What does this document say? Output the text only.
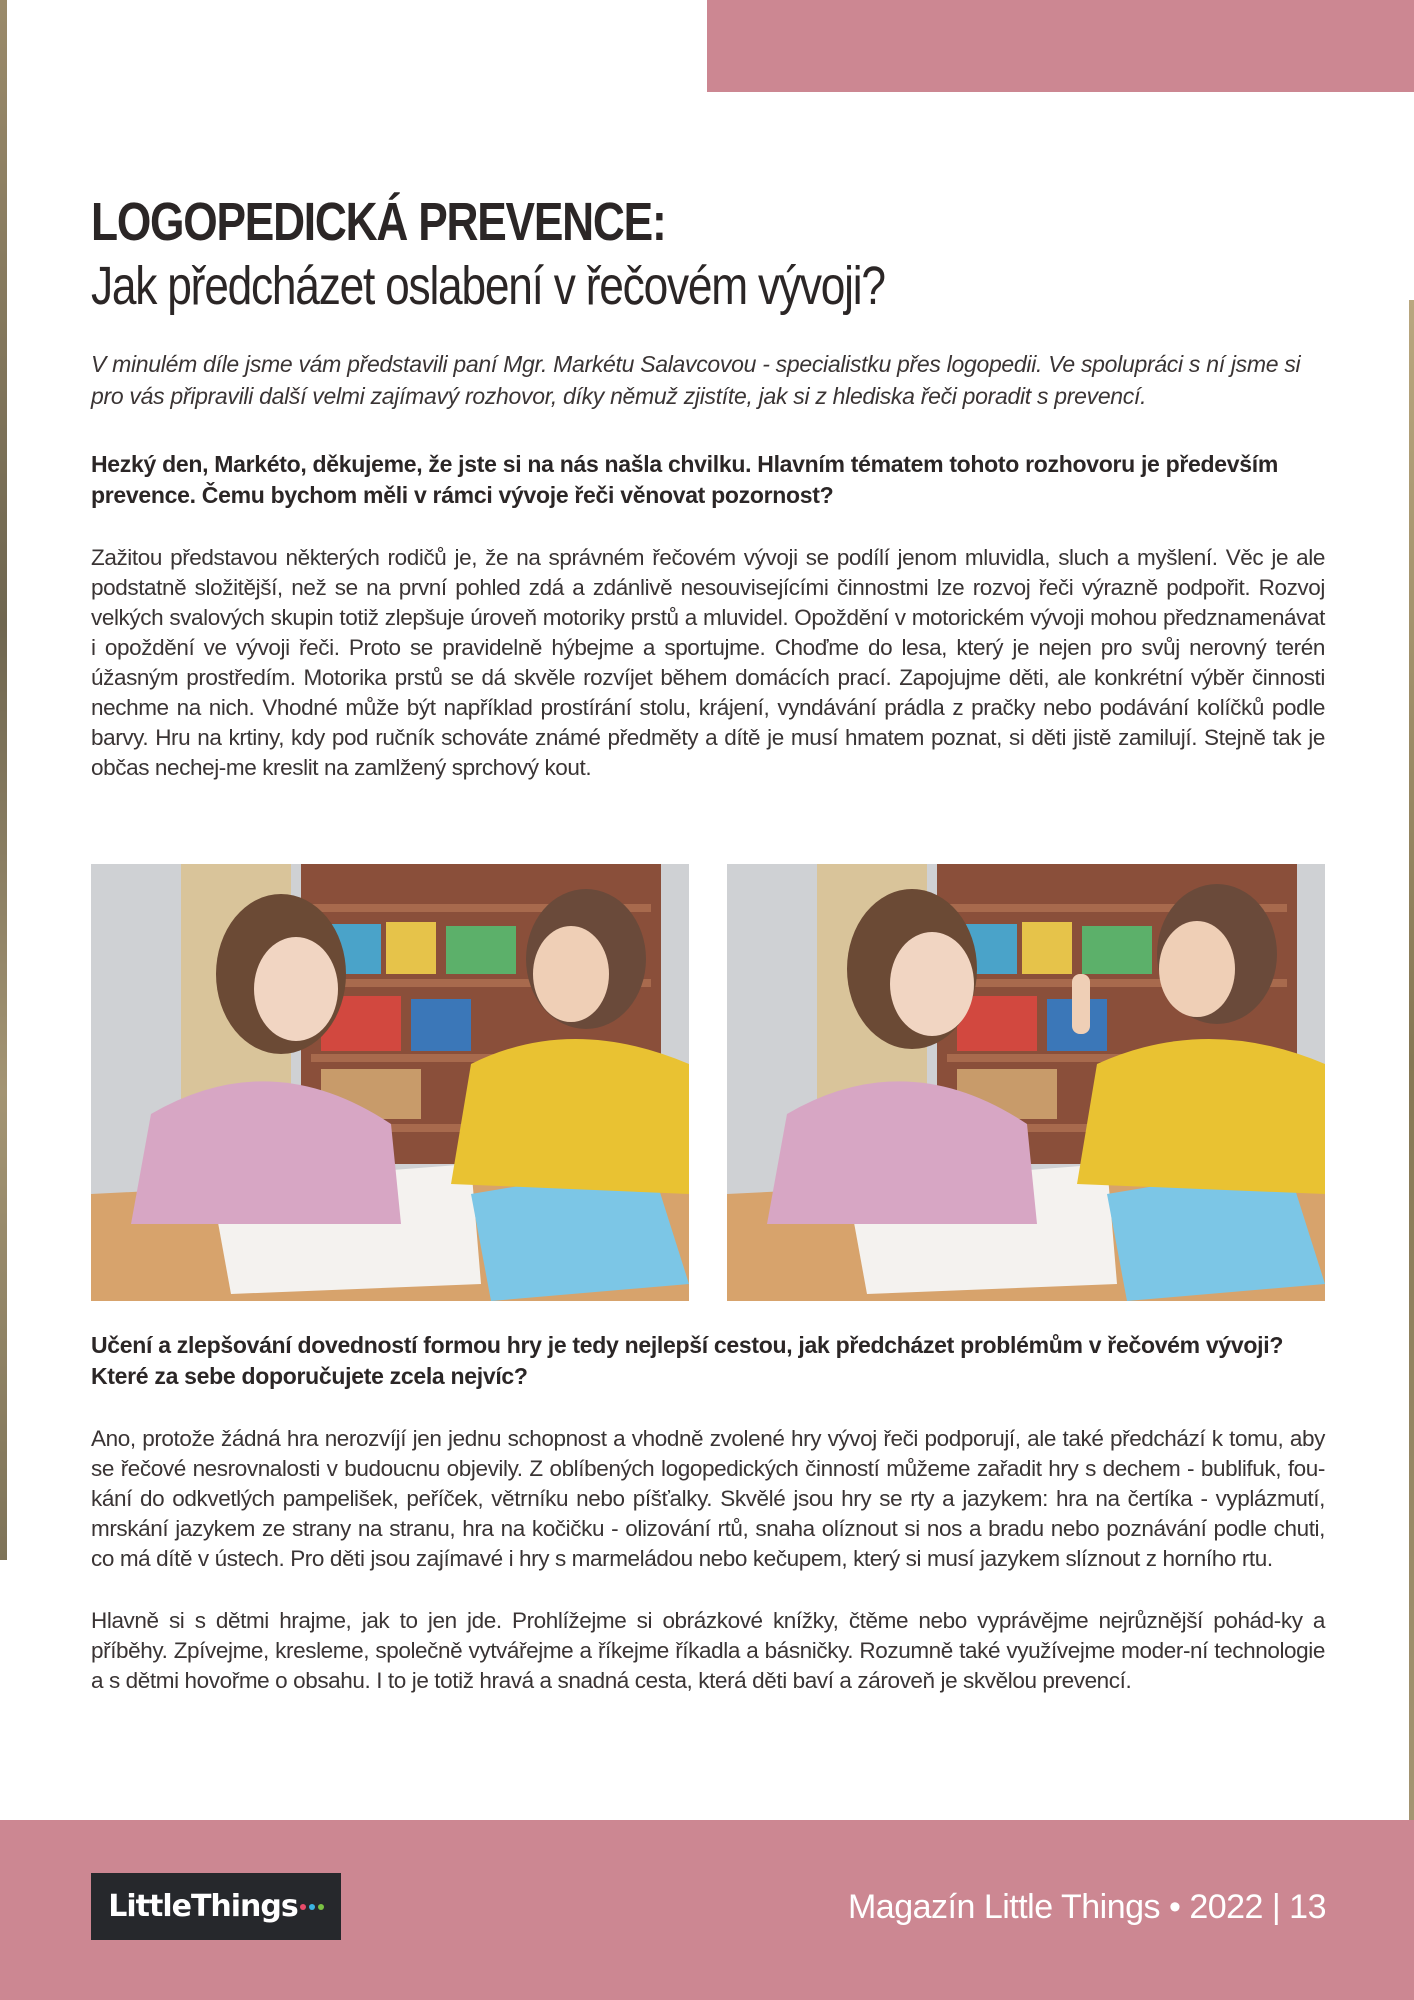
LOGOPEDICKÁ PREVENCE:
Jak předcházet oslabení v řečovém vývoji?

V minulém díle jsme vám představili paní Mgr. Markétu Salavcovou - specialistku přes logopedii. Ve spolupráci s ní jsme si pro vás připravili další velmi zajímavý rozhovor, díky němuž zjistíte, jak si z hlediska řeči poradit s prevencí.

Hezký den, Markéto, děkujeme, že jste si na nás našla chvilku. Hlavním tématem tohoto rozhovoru je především prevence. Čemu bychom měli v rámci vývoje řeči věnovat pozornost?

Zažitou představou některých rodičů je, že na správném řečovém vývoji se podílí jenom mluvidla, sluch a myšlení. Věc je ale podstatně složitější, než se na první pohled zdá a zdánlivě nesouvisejícími činnostmi lze rozvoj řeči výrazně podpořit. Rozvoj velkých svalových skupin totiž zlepšuje úroveň motoriky prstů a mluvidel. Opoždění v motorickém vývoji mohou předznamenávat i opoždění ve vývoji řeči. Proto se pravidelně hýbejme a sportujme. Choďme do lesa, který je nejen pro svůj nerovný terén úžasným prostředím. Motorika prstů se dá skvěle rozvíjet během domácích prací. Zapojujme děti, ale konkrétní výběr činnosti nechme na nich. Vhodné může být například prostírání stolu, krájení, vyndávání prádla z pračky nebo podávání kolíčků podle barvy. Hru na krtiny, kdy pod ručník schováte známé předměty a dítě je musí hmatem poznat, si děti jistě zamilují. Stejně tak je občas nechej-me kreslit na zamlžený sprchový kout.

Učení a zlepšování dovedností formou hry je tedy nejlepší cestou, jak předcházet problémům v řečovém vývoji? Které za sebe doporučujete zcela nejvíc?

Ano, protože žádná hra nerozvíjí jen jednu schopnost a vhodně zvolené hry vývoj řeči podporují, ale také předchází k tomu, aby se řečové nesrovnalosti v budoucnu objevily. Z oblíbených logopedických činností můžeme zařadit hry s dechem - bublifuk, fou-kání do odkvetlých pampelišek, peříček, větrníku nebo píšťalky. Skvělé jsou hry se rty a jazykem: hra na čertíka - vyplázmutí, mrskání jazykem ze strany na stranu, hra na kočičku - olizování rtů, snaha olíznout si nos a bradu nebo poznávání podle chuti, co má dítě v ústech. Pro děti jsou zajímavé i hry s marmeládou nebo kečupem, který si musí jazykem slíznout z horního rtu.

Hlavně si s dětmi hrajme, jak to jen jde. Prohlížejme si obrázkové knížky, čtěme nebo vyprávějme nejrůznější pohád-ky a příběhy. Zpívejme, kresleme, společně vytvářejme a říkejme říkadla a básničky. Rozumně také využívejme moder-ní technologie a s dětmi hovořme o obsahu. I to je totiž hravá a snadná cesta, která děti baví a zároveň je skvělou prevencí.

LittleThings	Magazín Little Things • 2022 | 13
